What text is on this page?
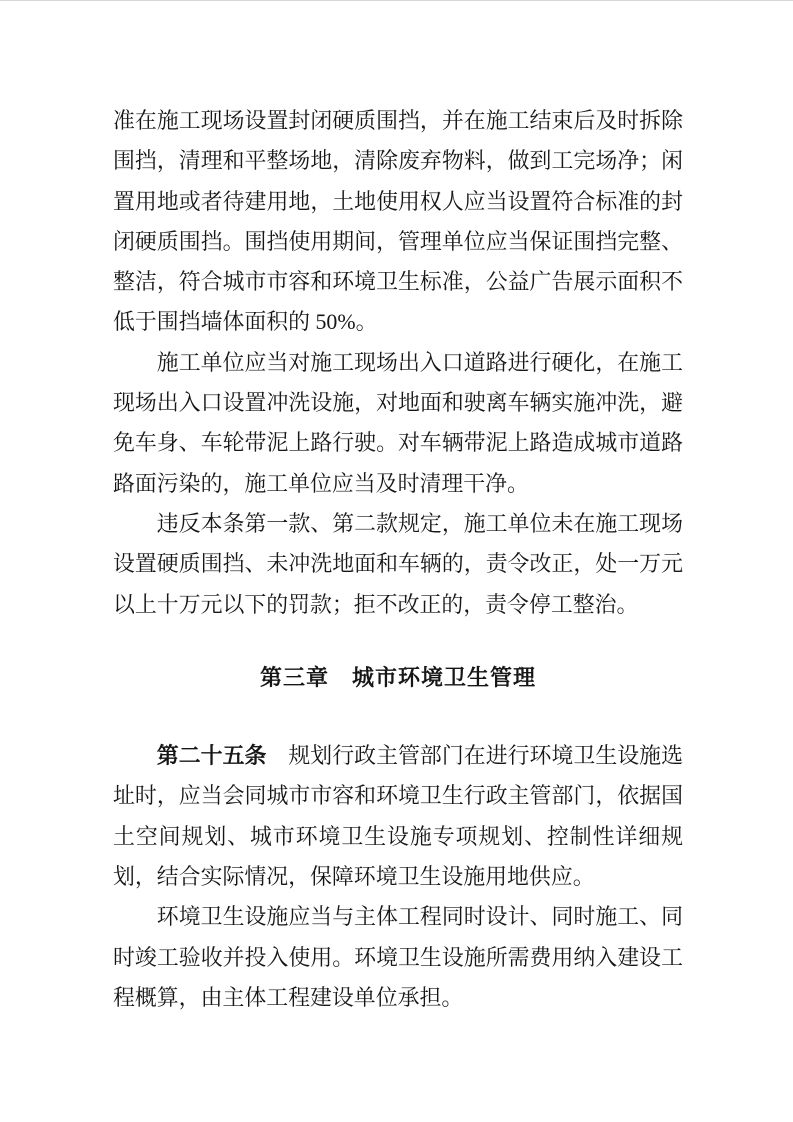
准在施工现场设置封闭硬质围挡，并在施工结束后及时拆除围挡，清理和平整场地，清除废弃物料，做到工完场净；闲置用地或者待建用地，土地使用权人应当设置符合标准的封闭硬质围挡。围挡使用期间，管理单位应当保证围挡完整、整洁，符合城市市容和环境卫生标准，公益广告展示面积不低于围挡墙体面积的 50%。

施工单位应当对施工现场出入口道路进行硬化，在施工现场出入口设置冲洗设施，对地面和驶离车辆实施冲洗，避免车身、车轮带泥上路行驶。对车辆带泥上路造成城市道路路面污染的，施工单位应当及时清理干净。

违反本条第一款、第二款规定，施工单位未在施工现场设置硬质围挡、未冲洗地面和车辆的，责令改正，处一万元以上十万元以下的罚款；拒不改正的，责令停工整治。

第三章　城市环境卫生管理

第二十五条　规划行政主管部门在进行环境卫生设施选址时，应当会同城市市容和环境卫生行政主管部门，依据国土空间规划、城市环境卫生设施专项规划、控制性详细规划，结合实际情况，保障环境卫生设施用地供应。

环境卫生设施应当与主体工程同时设计、同时施工、同时竣工验收并投入使用。环境卫生设施所需费用纳入建设工程概算，由主体工程建设单位承担。
